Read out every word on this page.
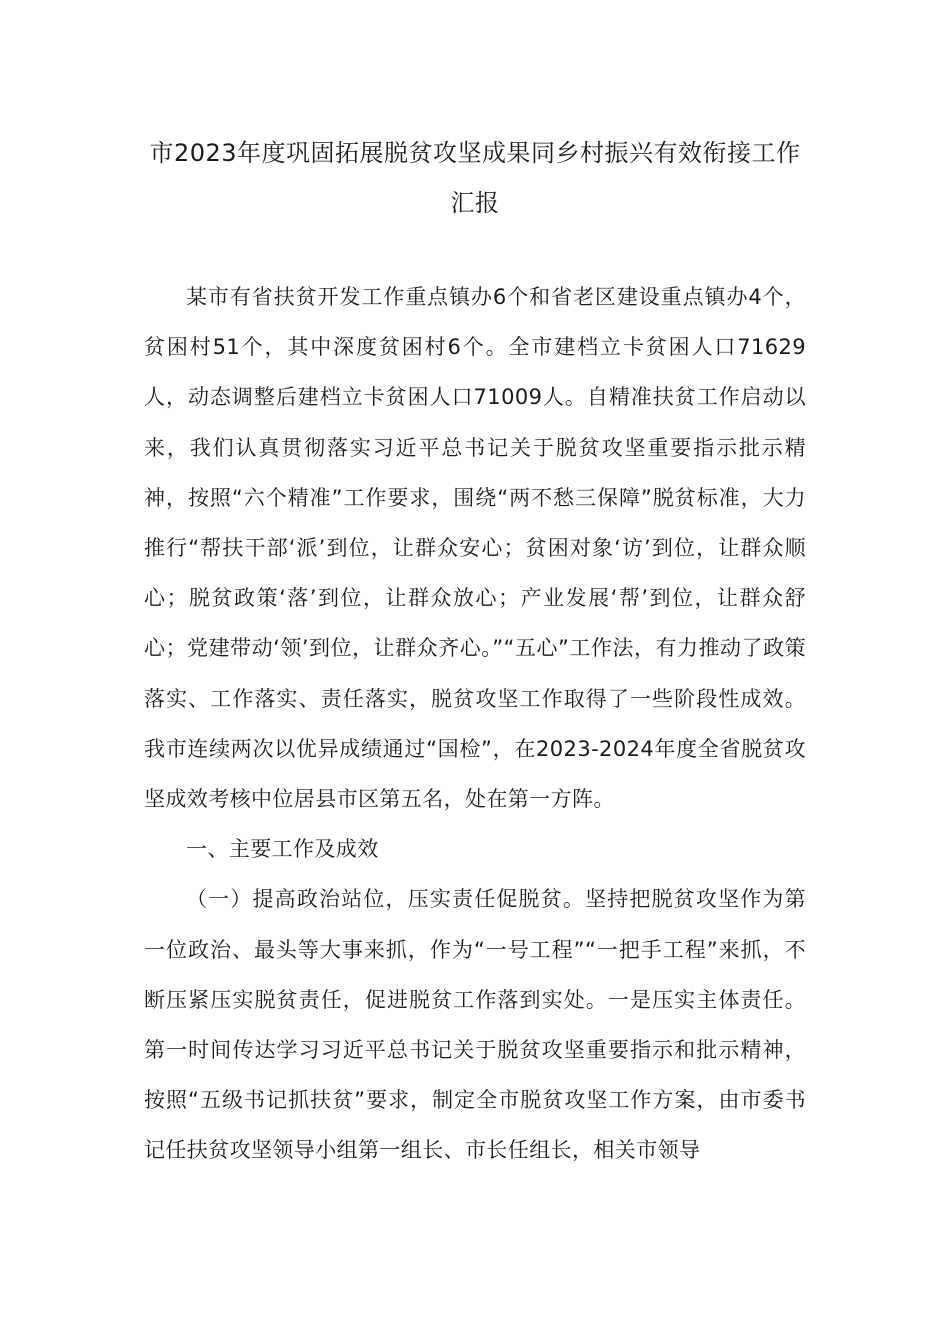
市2023年度巩固拓展脱贫攻坚成果同乡村振兴有效衔接工作汇报

某市有省扶贫开发工作重点镇办6个和省老区建设重点镇办4个，贫困村51个，其中深度贫困村6个。全市建档立卡贫困人口71629人，动态调整后建档立卡贫困人口71009人。自精准扶贫工作启动以来，我们认真贯彻落实习近平总书记关于脱贫攻坚重要指示批示精神，按照“六个精准”工作要求，围绕“两不愁三保障”脱贫标准，大力推行“帮扶干部‘派’到位，让群众安心；贫困对象‘访’到位，让群众顺心；脱贫政策‘落’到位，让群众放心；产业发展‘帮’到位，让群众舒心；党建带动‘领’到位，让群众齐心。”“五心”工作法，有力推动了政策落实、工作落实、责任落实，脱贫攻坚工作取得了一些阶段性成效。我市连续两次以优异成绩通过“国检”，在2023-2024年度全省脱贫攻坚成效考核中位居县市区第五名，处在第一方阵。

一、主要工作及成效

（一）提高政治站位，压实责任促脱贫。坚持把脱贫攻坚作为第一位政治、最头等大事来抓，作为“一号工程”“一把手工程”来抓，不断压紧压实脱贫责任，促进脱贫工作落到实处。一是压实主体责任。第一时间传达学习习近平总书记关于脱贫攻坚重要指示和批示精神，按照“五级书记抓扶贫”要求，制定全市脱贫攻坚工作方案，由市委书记任扶贫攻坚领导小组第一组长、市长任组长，相关市领导
